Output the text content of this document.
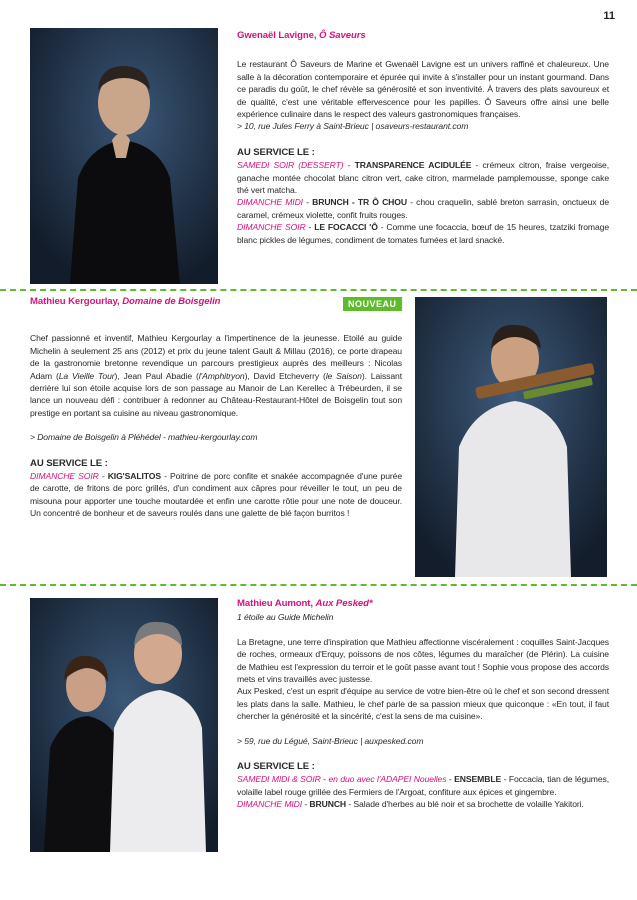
11
Gwenaël Lavigne, Ô Saveurs

Le restaurant Ô Saveurs de Marine et Gwenaël Lavigne est un univers raffiné et chaleureux. Une salle à la décoration contemporaire et épurée qui invite à s'installer pour un instant gourmand. Dans ce paradis du goût, le chef révèle sa générosité et son inventivité. À travers des plats savoureux et de qualité, c'est une véritable effervescence pour les papilles. Ô Saveurs offre ainsi une belle expérience culinaire dans le respect des valeurs gastronomiques françaises.

> 10, rue Jules Ferry à Saint-Brieuc | osaveurs-restaurant.com
AU SERVICE LE :
SAMEDI SOIR (DESSERT) - TRANSPARENCE ACIDULÉE - crémeux citron, fraise vergeoise, ganache montée chocolat blanc citron vert, cake citron, marmelade pamplemousse, sponge cake thé vert matcha.
DIMANCHE MIDI - BRUNCH - TR Ô CHOU - chou craquelin, sablé breton sarrasin, onctueux de caramel, crémeux violette, confit fruits rouges.
DIMANCHE SOIR - LE FOCACCI 'Ô - Comme une focaccia, bœuf de 15 heures, tzatziki fromage blanc pickles de légumes, condiment de tomates fumées et lard snacké.
Mathieu Kergourlay, Domaine de Boisgelin

Chef passionné et inventif, Mathieu Kergourlay a l'impertinence de la jeunesse. Etoilé au guide Michelin à seulement 25 ans (2012) et prix du jeune talent Gault & Millau (2016), ce porte drapeau de la gastronomie bretonne revendique un parcours prestigieux auprès des meilleurs : Nicolas Adam (La Vieille Tour), Jean Paul Abadie (l'Amphitryon), David Etcheverry (le Saison). Laissant derrière lui son étoile acquise lors de son passage au Manoir de Lan Kerellec à Trébeurden, il se lance un nouveau défi : contribuer à redonner au Château-Restaurant-Hôtel de Boisgelin tout son prestige en portant sa cuisine au niveau gastronomique.

> Domaine de Boisgelin à Pléhédel - mathieu-kergourlay.com
AU SERVICE LE :
DIMANCHE SOIR - KIG'SALITOS - Poitrine de porc confite et snakée accompagnée d'une purée de carotte, de fritons de porc grillés, d'un condiment aux câpres pour réveiller le tout, un peu de misouna pour apporter une touche moutardée et enfin une carotte rôtie pour une note de douceur. Un concentré de bonheur et de saveurs roulés dans une galette de blé façon burritos !
NOUVEAU
Mathieu Aumont, Aux Pesked*
1 étoile au Guide Michelin

La Bretagne, une terre d'inspiration que Mathieu affectionne viscéralement : coquilles Saint-Jacques de roches, ormeaux d'Erquy, poissons de nos côtes, légumes du maraîcher (de Plérin). La cuisine de Mathieu est l'expression du terroir et le goût passe avant tout ! Sophie vous propose des accords mets et vins travaillés avec justesse.

Aux Pesked, c'est un esprit d'équipe au service de votre bien-être où le chef et son second dressent les plats dans la salle. Mathieu, le chef parle de sa passion mieux que quiconque : «En tout, il faut chercher la générosité et la sincérité, c'est la sens de ma cuisine».

> 59, rue du Légué, Saint-Brieuc | auxpesked.com
AU SERVICE LE :
SAMEDI MIDI & SOIR - en duo avec l'ADAPEI Nouelles - ENSEMBLE - Foccacia, tian de légumes, volaille label rouge grillée des Fermiers de l'Argoat, confiture aux épices et gingembre.
DIMANCHE MIDI - BRUNCH - Salade d'herbes au blé noir et sa brochette de volaille Yakitori.
